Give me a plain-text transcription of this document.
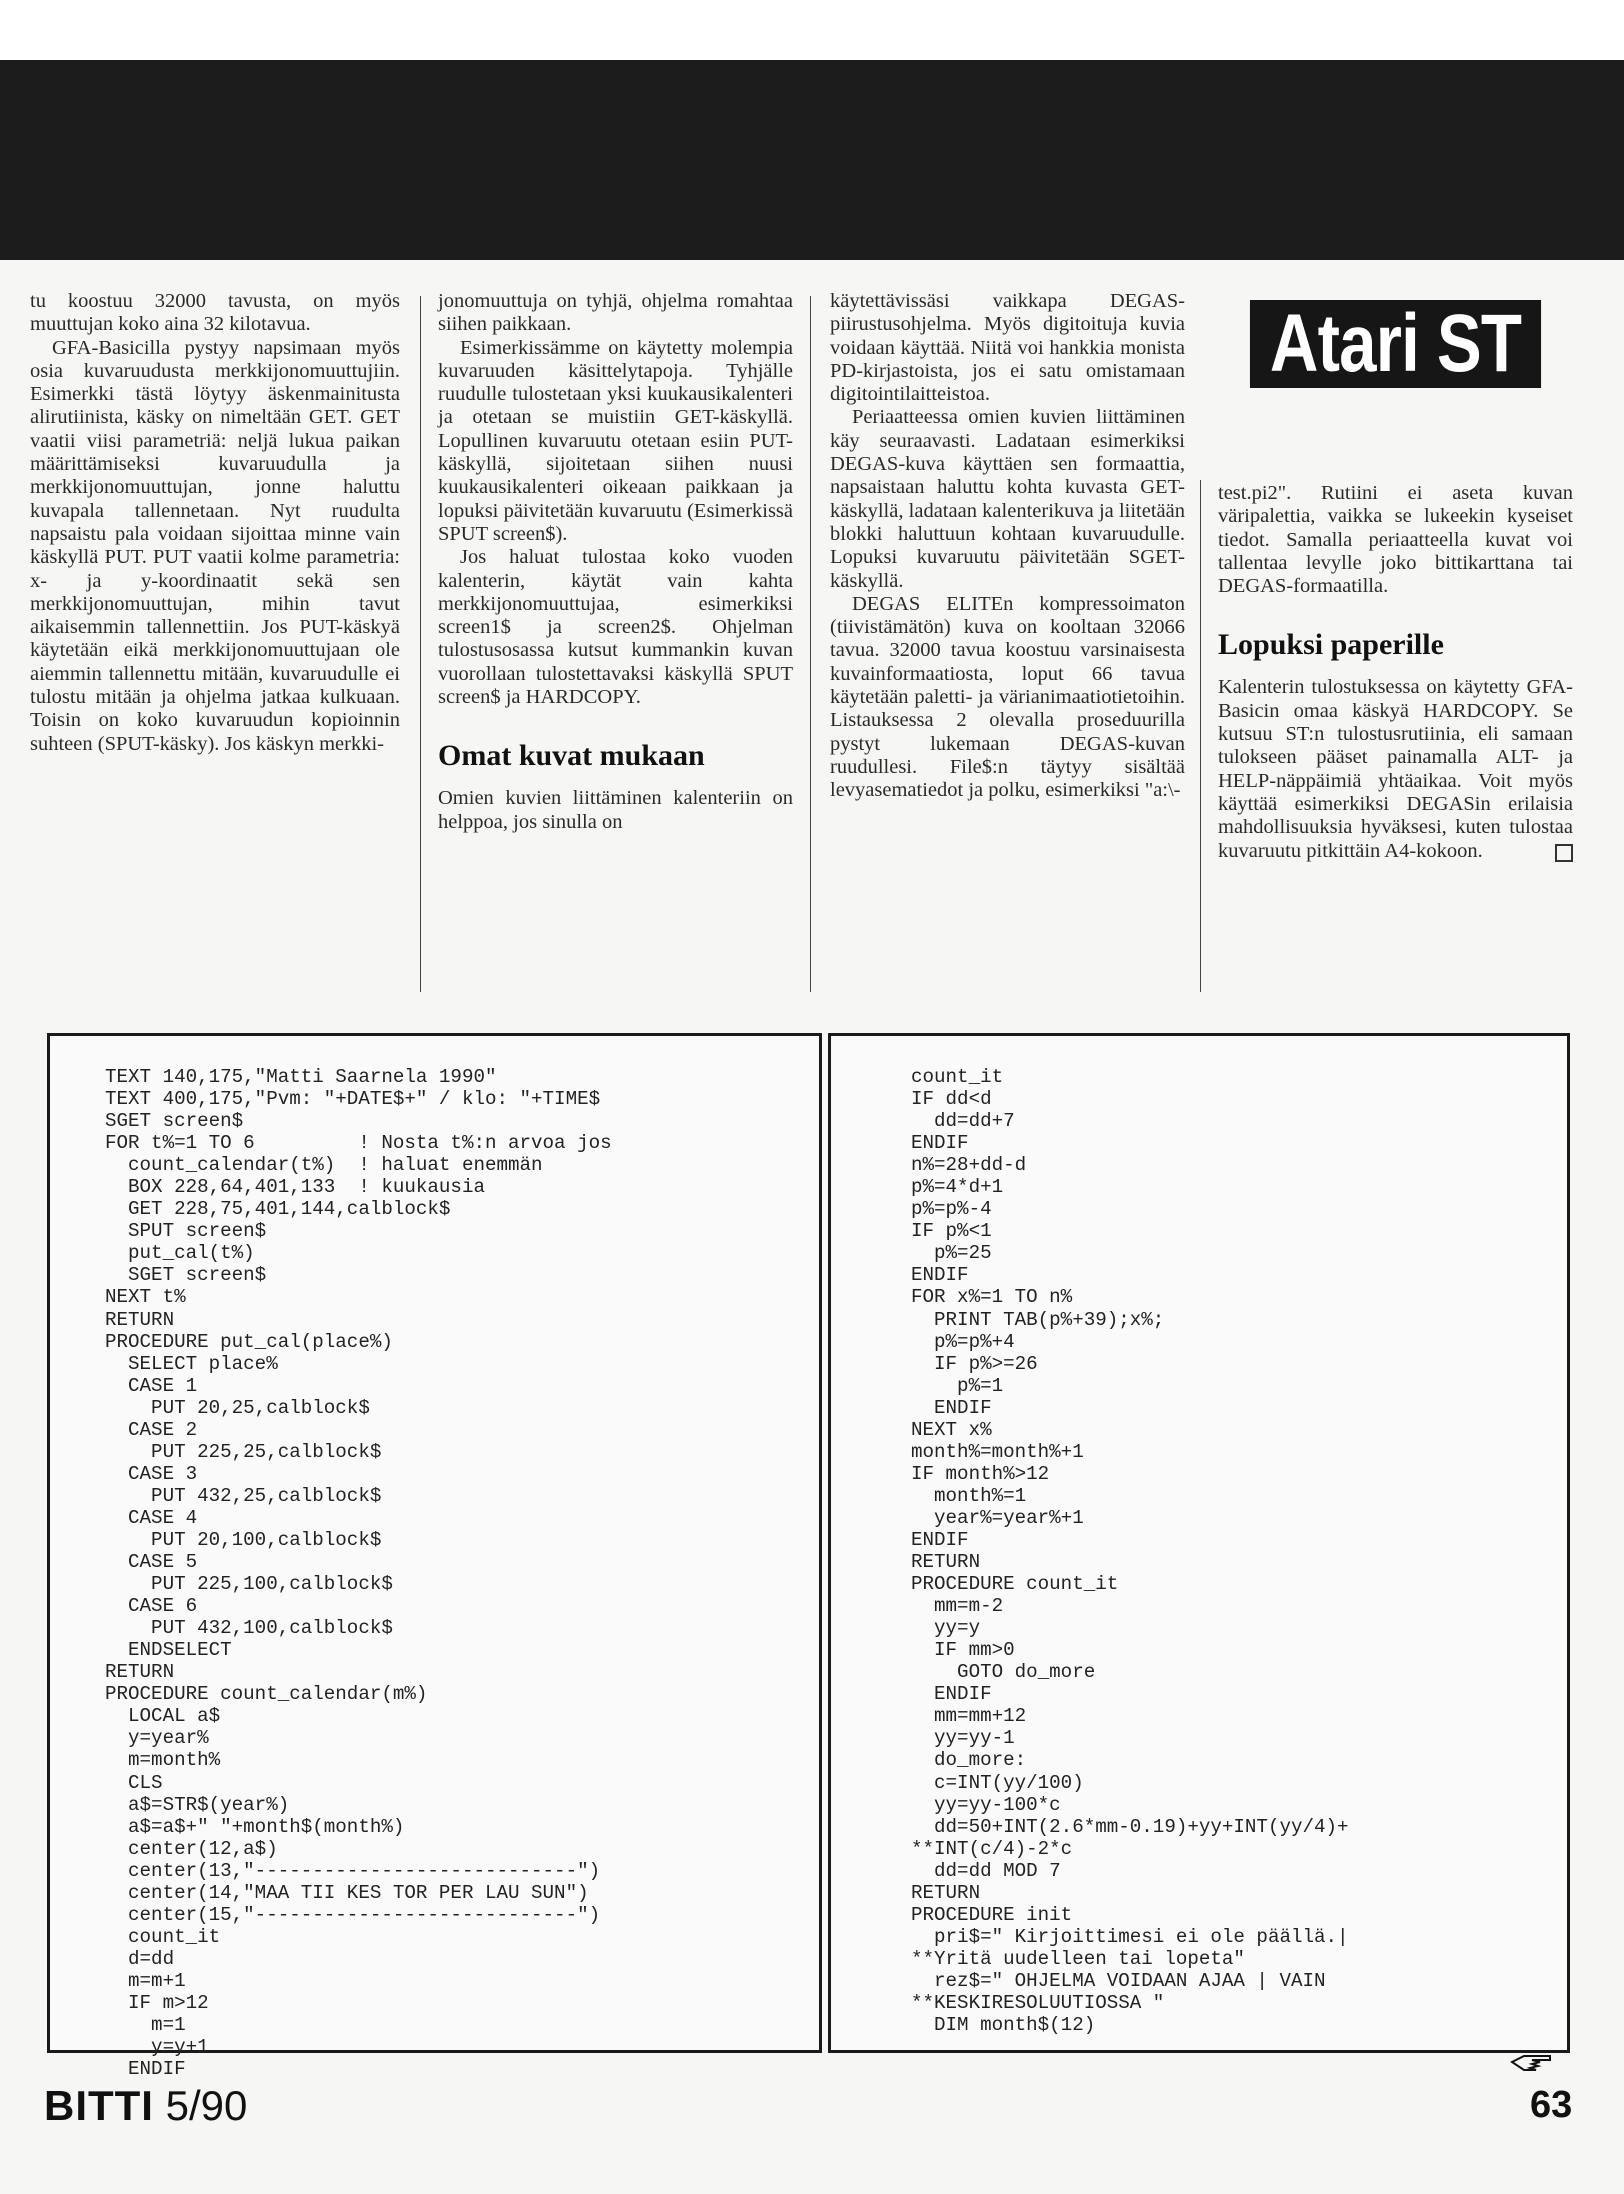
tu koostuu 32000 tavusta, on myös muuttujan koko aina 32 kilotavua.

GFA-Basicilla pystyy napsimaan myös osia kuvaruudusta merkkijonomuuttujiin. Esimerkki tästä löytyy äskenmainitusta alirutiinista, käsky on nimeltään GET. GET vaatii viisi parametriä: neljä lukua paikan määrittämiseksi kuvaruudulla ja merkkijonomuuttujan, jonne haluttu kuvapala tallennetaan. Nyt ruudulta napsaistu pala voidaan sijoittaa minne vain käskyllä PUT. PUT vaatii kolme parametria: x- ja y-koordinaatit sekä sen merkkijonomuuttujan, mihin tavut aikaisemmin tallennettiin. Jos PUT-käskyä käytetään eikä merkkijonomuuttujaan ole aiemmin tallennettu mitään, kuvaruudulle ei tulostu mitään ja ohjelma jatkaa kulkuaan. Toisin on koko kuvaruudun kopioinnin suhteen (SPUT-käsky). Jos käskyn merkki-

jonomuuttuja on tyhjä, ohjelma romahtaa siihen paikkaan.

Esimerkissämme on käytetty molempia kuvaruuden käsittelytapoja. Tyhjälle ruudulle tulostetaan yksi kuukausikalenteri ja otetaan se muistiin GET-käskyllä. Lopullinen kuvaruutu otetaan esiin PUT-käskyllä, sijoitetaan siihen nuusi kuukausikalenteri oikeaan paikkaan ja lopuksi päivitetään kuvaruutu (Esimerkissä SPUT screen$).

Jos haluat tulostaa koko vuoden kalenterin, käytät vain kahta merkkijonomuuttujaa, esimerkiksi screen1$ ja screen2$. Ohjelman tulostusosassa kutsut kummankin kuvan vuorollaan tulostettavaksi käskyllä SPUT screen$ ja HARDCOPY.

Omat kuvat mukaan

Omien kuvien liittäminen kalenteriin on helppoa, jos sinulla on

käytettävissäsi vaikkapa DEGAS-piirustusohjelma. Myös digitoituja kuvia voidaan käyttää. Niitä voi hankkia monista PD-kirjastoista, jos ei satu omistamaan digitointilaitteistoa.

Periaatteessa omien kuvien liittäminen käy seuraavasti. Ladataan esimerkiksi DEGAS-kuva käyttäen sen formaattia, napsaistaan haluttu kohta kuvasta GET-käskyllä, ladataan kalenterikuva ja liitetään blokki haluttuun kohtaan kuvaruudulle. Lopuksi kuvaruutu päivitetään SGET-käskyllä.

DEGAS ELITEn kompressoimaton (tiivistämätön) kuva on kooltaan 32066 tavua. 32000 tavua koostuu varsinaisesta kuvainformaatiosta, loput 66 tavua käytetään paletti- ja värianimaatiotietoihin. Listauksessa 2 olevalla proseduurilla pystyt lukemaan DEGAS-kuvan ruudullesi. File$:n täytyy sisältää levyasematiedot ja polku, esimerkiksi "a:\-

Atari ST

test.pi2". Rutiini ei aseta kuvan väripalettia, vaikka se lukeekin kyseiset tiedot. Samalla periaatteella kuvat voi tallentaa levylle joko bittikarttana tai DEGAS-formaatilla.

Lopuksi paperille

Kalenterin tulostuksessa on käytetty GFA-Basicin omaa käskyä HARDCOPY. Se kutsuu ST:n tulostusrutiinia, eli samaan tulokseen pääset painamalla ALT- ja HELP-näppäimiä yhtäaikaa. Voit myös käyttää esimerkiksi DEGASin erilaisia mahdollisuuksia hyväksesi, kuten tulostaa kuvaruutu pitkittäin A4-kokoon.

TEXT 140,175,"Matti Saarnela 1990"
TEXT 400,175,"Pvm: "+DATE$+" / klo: "+TIME$
SGET screen$
FOR t%=1 TO 6         ! Nosta t%:n arvoa jos
count_calendar(t%)  ! haluat enemmän
BOX 228,64,401,133  ! kuukausia
GET 228,75,401,144,calblock$
SPUT screen$
put_cal(t%)
SGET screen$
NEXT t%
RETURN
PROCEDURE put_cal(place%)
SELECT place%
CASE 1
PUT 20,25,calblock$
CASE 2
PUT 225,25,calblock$
CASE 3
PUT 432,25,calblock$
CASE 4
PUT 20,100,calblock$
CASE 5
PUT 225,100,calblock$
CASE 6
PUT 432,100,calblock$
ENDSELECT
RETURN
PROCEDURE count_calendar(m%)
LOCAL a$
y=year%
m=month%
CLS
a$=STR$(year%)
a$=a$+" "+month$(month%)
center(12,a$)
center(13,"----------------------------")
center(14,"MAA TII KES TOR PER LAU SUN")
center(15,"----------------------------")
count_it
d=dd
m=m+1
IF m>12
m=1
y=y+1
ENDIF
count_it
IF dd<d
dd=dd+7
ENDIF
n%=28+dd-d
p%=4*d+1
p%=p%-4
IF p%<1
p%=25
ENDIF
FOR x%=1 TO n%
PRINT TAB(p%+39);x%;
p%=p%+4
IF p%>=26
p%=1
ENDIF
NEXT x%
month%=month%+1
IF month%>12
month%=1
year%=year%+1
ENDIF
RETURN
PROCEDURE count_it
mm=m-2
yy=y
IF mm>0
GOTO do_more
ENDIF
mm=mm+12
yy=yy-1
do_more:
c=INT(yy/100)
yy=yy-100*c
dd=50+INT(2.6*mm-0.19)+yy+INT(yy/4)+
**INT(c/4)-2*c
dd=dd MOD 7
RETURN
PROCEDURE init
pri$=" Kirjoittimesi ei ole päällä.|
**Yritä uudelleen tai lopeta"
rez$=" OHJELMA VOIDAAN AJAA | VAIN
**KESKIRESOLUUTIOSSA "
DIM month$(12)
BITTI 5/90	63
